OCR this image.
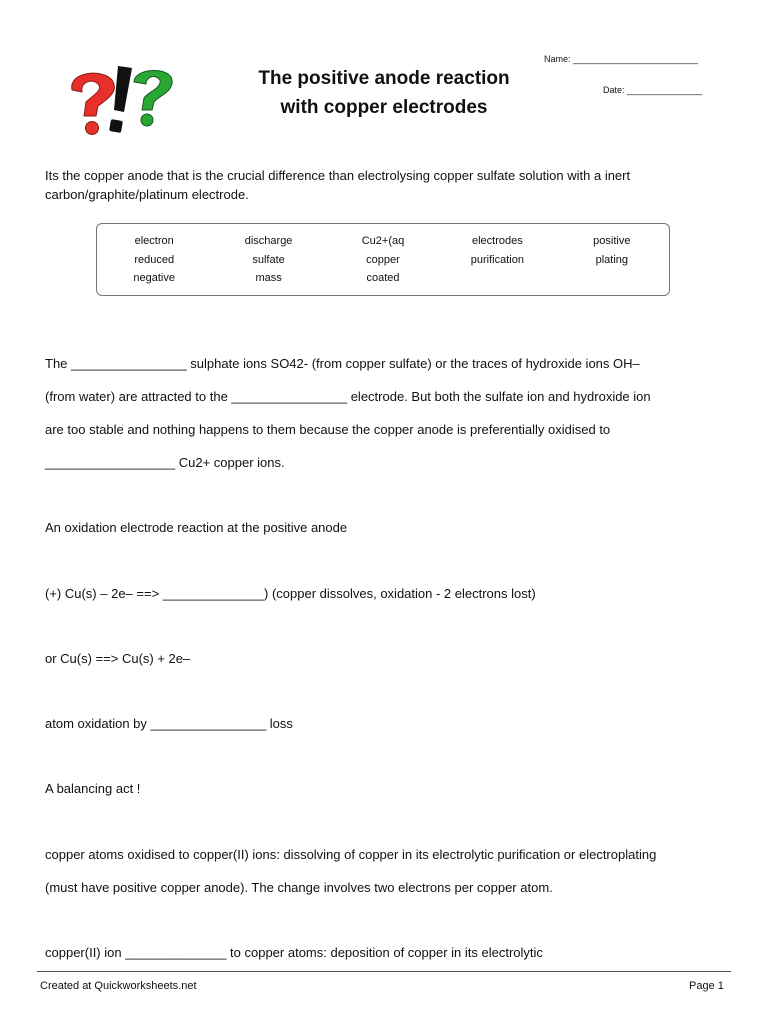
The positive anode reaction
with copper electrodes
Name: _________________________
Date: _______________
Its the copper anode that is the crucial difference than electrolysing copper sulfate solution with a inert carbon/graphite/platinum electrode.
electron	discharge	Cu2+(aq	electrodes	positive
reduced	sulfate	copper	purification	plating
negative	mass	coated
The ________________ sulphate ions SO42- (from copper sulfate) or the traces of hydroxide ions OH–
(from water) are attracted to the ________________ electrode. But both the sulfate ion and hydroxide ion
are too stable and nothing happens to them because the copper anode is preferentially oxidised to
__________________ Cu2+ copper ions.
An oxidation electrode reaction at the positive anode
(+) Cu(s) – 2e– ==> ______________) (copper dissolves, oxidation - 2 electrons lost)
or Cu(s) ==> Cu(s) + 2e–
atom oxidation by ________________ loss
A balancing act !
copper atoms oxidised to copper(II) ions: dissolving of copper in its electrolytic purification or electroplating
(must have positive copper anode). The change involves two electrons per copper atom.
copper(II) ion ______________ to copper atoms: deposition of copper in its electrolytic
Created at Quickworksheets.net	Page 1
